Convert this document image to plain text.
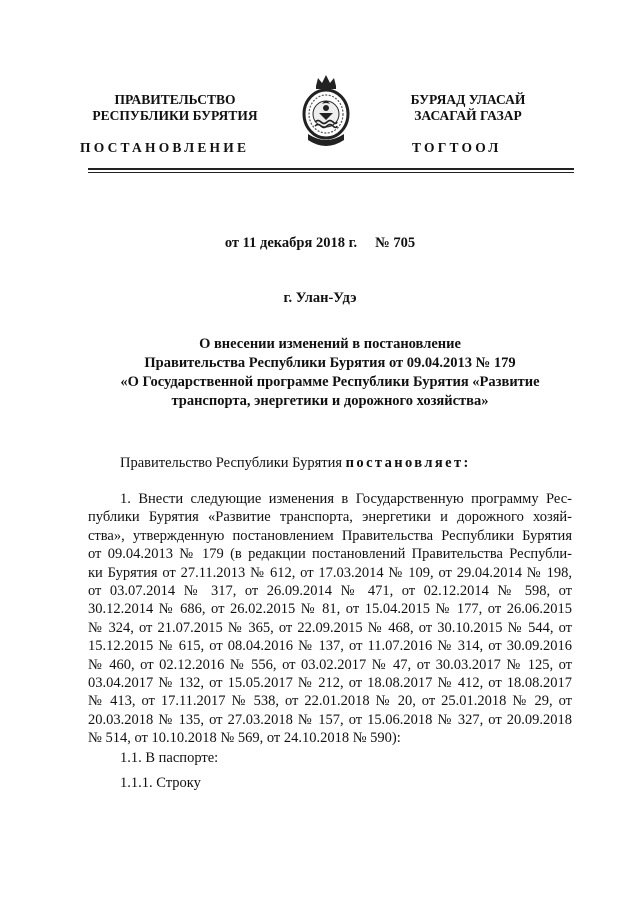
ПРАВИТЕЛЬСТВО
РЕСПУБЛИКИ БУРЯТИЯ
БУРЯАД УЛАСАЙ
ЗАСАГАЙ ГАЗАР
ПОСТАНОВЛЕНИЕ	ТОГТООЛ
от 11 декабря 2018 г. № 705
г. Улан-Удэ
О внесении изменений в постановление
Правительства Республики Бурятия от 09.04.2013 № 179
«О Государственной программе Республики Бурятия «Развитие
транспорта, энергетики и дорожного хозяйства»
Правительство Республики Бурятия постановляет:
1. Внести следующие изменения в Государственную программу Рес-
публики Бурятия «Развитие транспорта, энергетики и дорожного хозяй-
ства», утвержденную постановлением Правительства Республики Бурятия
от 09.04.2013 № 179 (в редакции постановлений Правительства Республи-
ки Бурятия от 27.11.2013 № 612, от 17.03.2014 № 109, от 29.04.2014 № 198,
от 03.07.2014 № 317, от 26.09.2014 № 471, от 02.12.2014 № 598, от
30.12.2014 № 686, от 26.02.2015 № 81, от 15.04.2015 № 177, от 26.06.2015
№ 324, от 21.07.2015 № 365, от 22.09.2015 № 468, от 30.10.2015 № 544, от
15.12.2015 № 615, от 08.04.2016 № 137, от 11.07.2016 № 314, от 30.09.2016
№ 460, от 02.12.2016 № 556, от 03.02.2017 № 47, от 30.03.2017 № 125, от
03.04.2017 № 132, от 15.05.2017 № 212, от 18.08.2017 № 412, от 18.08.2017
№ 413, от 17.11.2017 № 538, от 22.01.2018 № 20, от 25.01.2018 № 29, от
20.03.2018 № 135, от 27.03.2018 № 157, от 15.06.2018 № 327, от 20.09.2018
№ 514, от 10.10.2018 № 569, от 24.10.2018 № 590):
1.1. В паспорте:
1.1.1. Строку
